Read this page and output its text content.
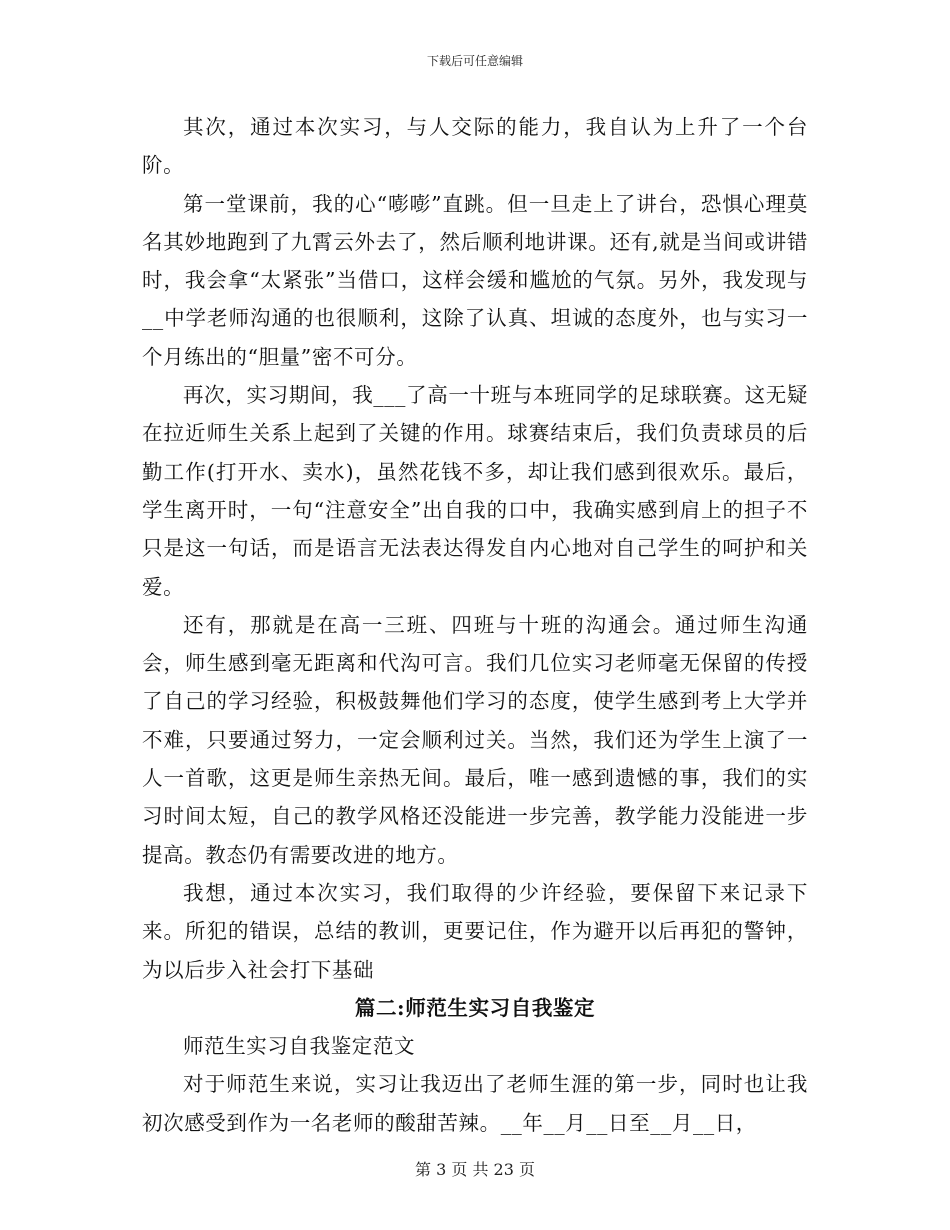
下载后可任意编辑

其次，通过本次实习，与人交际的能力，我自认为上升了一个台阶。

第一堂课前，我的心“嘭嘭”直跳。但一旦走上了讲台，恐惧心理莫名其妙地跑到了九霄云外去了，然后顺利地讲课。还有,就是当间或讲错时，我会拿“太紧张”当借口，这样会缓和尴尬的气氛。另外，我发现与__中学老师沟通的也很顺利，这除了认真、坦诚的态度外，也与实习一个月练出的“胆量”密不可分。

再次，实习期间，我___了高一十班与本班同学的足球联赛。这无疑在拉近师生关系上起到了关键的作用。球赛结束后，我们负责球员的后勤工作(打开水、卖水)，虽然花钱不多，却让我们感到很欢乐。最后，学生离开时，一句“注意安全”出自我的口中，我确实感到肩上的担子不只是这一句话，而是语言无法表达得发自内心地对自己学生的呵护和关爱。

还有，那就是在高一三班、四班与十班的沟通会。通过师生沟通会，师生感到毫无距离和代沟可言。我们几位实习老师毫无保留的传授了自己的学习经验，积极鼓舞他们学习的态度，使学生感到考上大学并不难，只要通过努力，一定会顺利过关。当然，我们还为学生上演了一人一首歌，这更是师生亲热无间。最后，唯一感到遗憾的事，我们的实习时间太短，自己的教学风格还没能进一步完善，教学能力没能进一步提高。教态仍有需要改进的地方。

我想，通过本次实习，我们取得的少许经验，要保留下来记录下来。所犯的错误，总结的教训，更要记住，作为避开以后再犯的警钟，为以后步入社会打下基础

篇二:师范生实习自我鉴定

师范生实习自我鉴定范文

对于师范生来说，实习让我迈出了老师生涯的第一步，同时也让我初次感受到作为一名老师的酸甜苦辣。__年__月__日至__月__日，

第 3 页 共 23 页
